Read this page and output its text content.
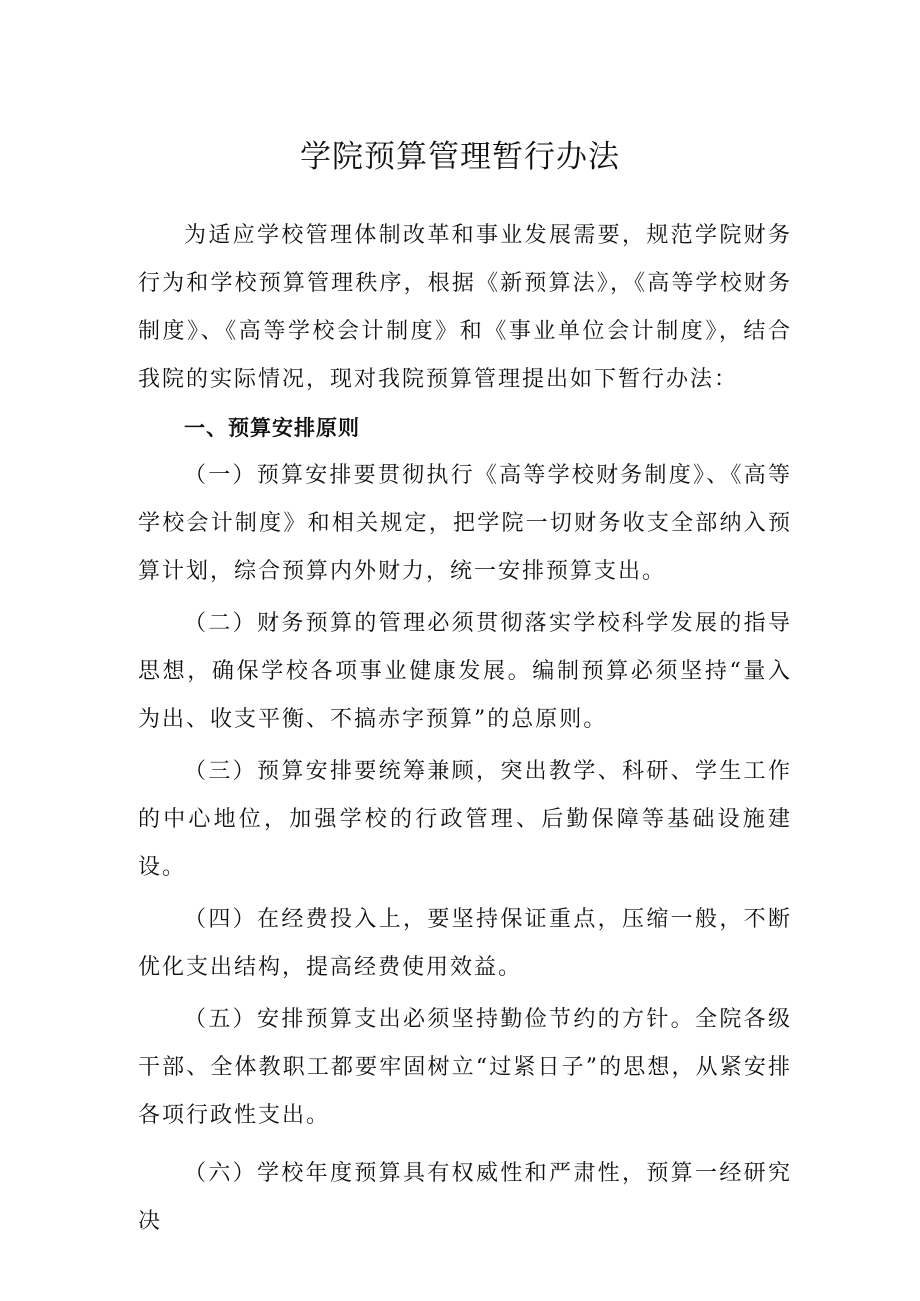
学院预算管理暂行办法

为适应学校管理体制改革和事业发展需要，规范学院财务行为和学校预算管理秩序，根据《新预算法》，《高等学校财务制度》、《高等学校会计制度》和《事业单位会计制度》，结合我院的实际情况，现对我院预算管理提出如下暂行办法：

一、预算安排原则

（一）预算安排要贯彻执行《高等学校财务制度》、《高等学校会计制度》和相关规定，把学院一切财务收支全部纳入预算计划，综合预算内外财力，统一安排预算支出。

（二）财务预算的管理必须贯彻落实学校科学发展的指导思想，确保学校各项事业健康发展。编制预算必须坚持“量入为出、收支平衡、不搞赤字预算”的总原则。

（三）预算安排要统筹兼顾，突出教学、科研、学生工作的中心地位，加强学校的行政管理、后勤保障等基础设施建设。

（四）在经费投入上，要坚持保证重点，压缩一般，不断优化支出结构，提高经费使用效益。

（五）安排预算支出必须坚持勤俭节约的方针。全院各级干部、全体教职工都要牢固树立“过紧日子”的思想，从紧安排各项行政性支出。

（六）学校年度预算具有权威性和严肃性，预算一经研究决
